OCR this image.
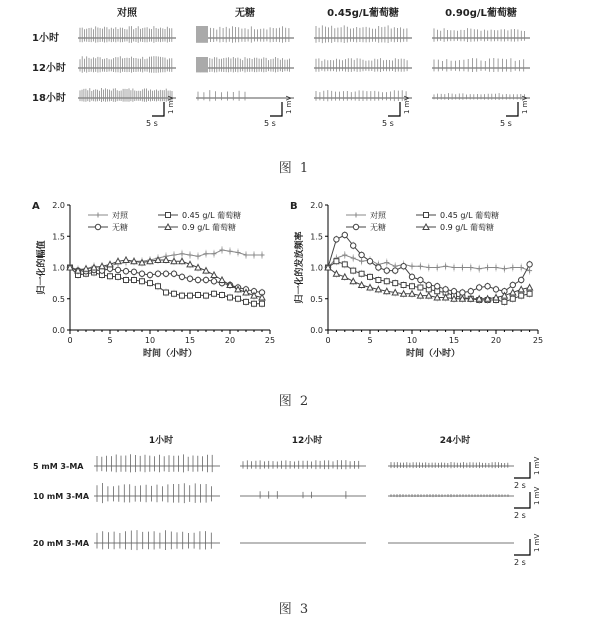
对照	无糖	0.45g/L葡萄糖	0.90g/L葡萄糖
1小时
12小时
18小时
5 s
1 mV
5 s
1 mV
5 s
1 mV
5 s
1 mV
图 1
A
0.0
0.5
1.0
1.5
2.0
0	5	10	15	20	25
时间（小时）
归一化的幅值
对照	0.45 g/L 葡萄糖
无糖	0.9 g/L 葡萄糖
B
0.0
0.5
1.0
1.5
2.0
0	5	10	15	20	25
时间（小时）
归一化的发放频率
对照	0.45 g/L 葡萄糖
无糖	0.9 g/L 葡萄糖
图 2
1小时	12小时	24小时
5 mM 3-MA
10 mM 3-MA
20 mM 3-MA
2 s
1 mV
2 s
1 mV
2 s
1 mV
图 3
